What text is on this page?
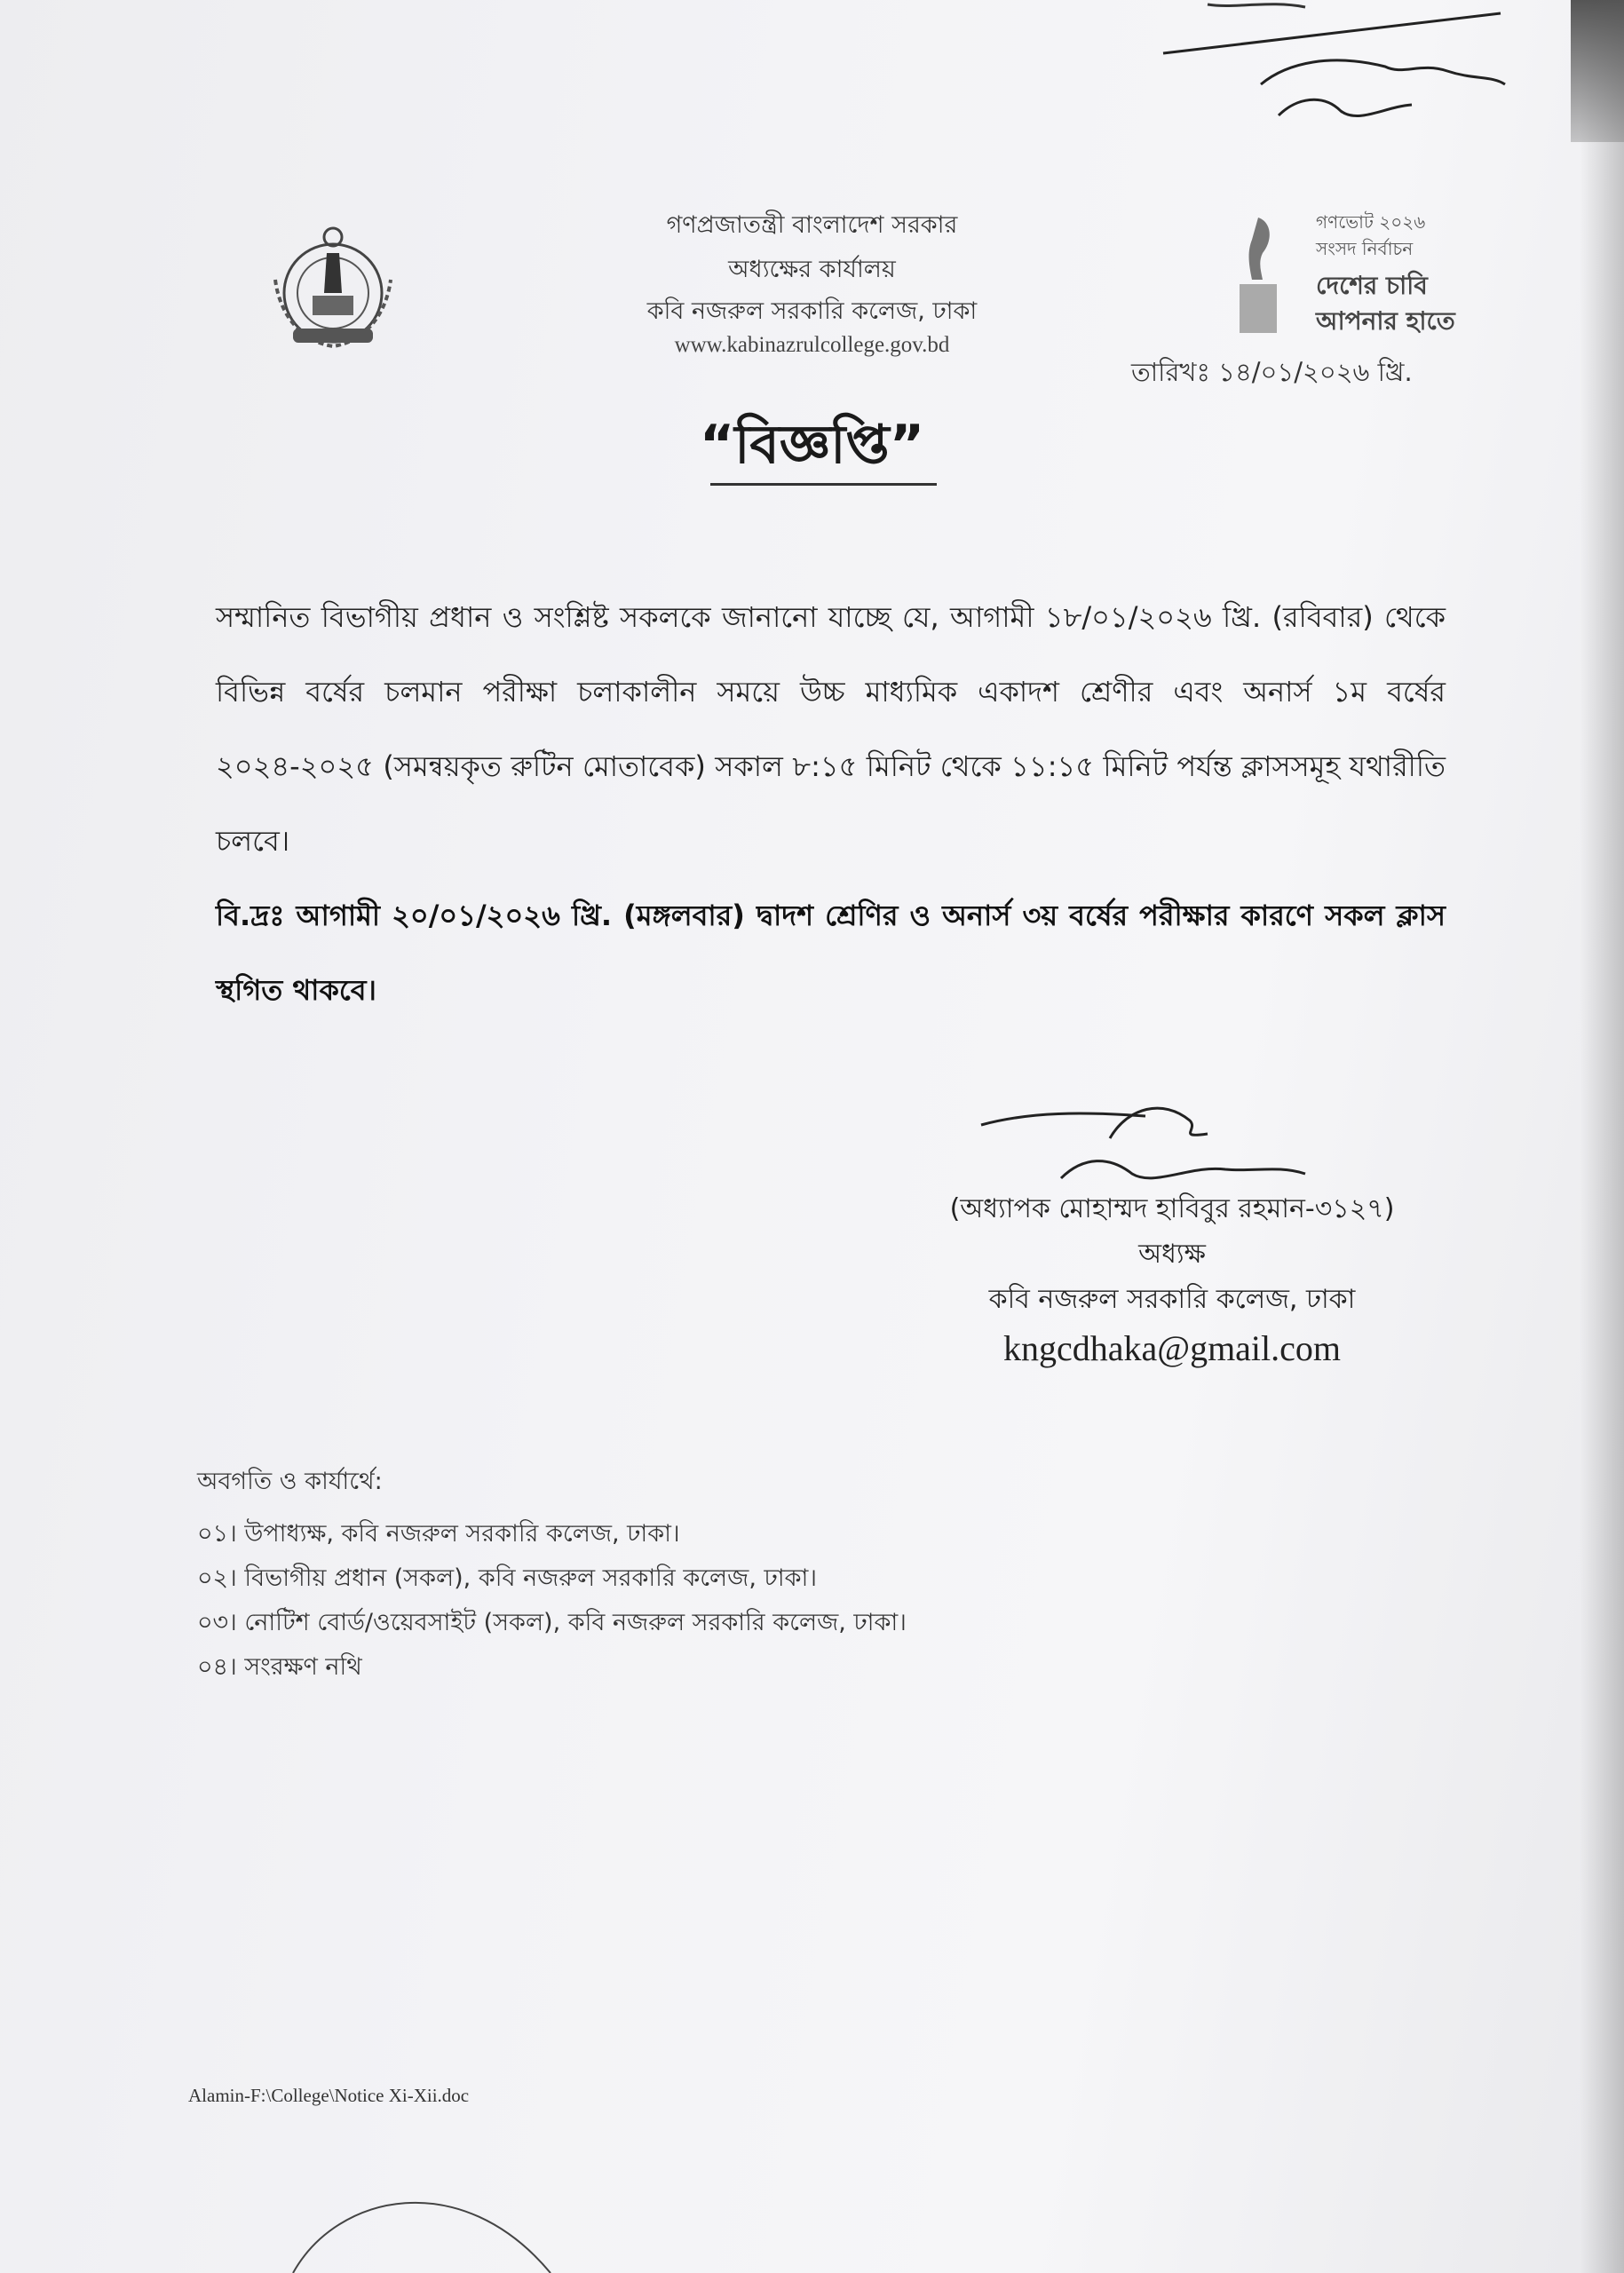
গণপ্রজাতন্ত্রী বাংলাদেশ সরকার
অধ্যক্ষের কার্যালয়
কবি নজরুল সরকারি কলেজ, ঢাকা
www.kabinazrulcollege.gov.bd
গণভোট ২০২৬
সংসদ নির্বাচন
দেশের চাবি
আপনার হাতে
তারিখঃ ১৪/০১/২০২৬ খ্রি.
“বিজ্ঞপ্তি”

সম্মানিত বিভাগীয় প্রধান ও সংশ্লিষ্ট সকলকে জানানো যাচ্ছে যে, আগামী ১৮/০১/২০২৬ খ্রি. (রবিবার) থেকে বিভিন্ন বর্ষের চলমান পরীক্ষা চলাকালীন সময়ে উচ্চ মাধ্যমিক একাদশ শ্রেণীর এবং অনার্স ১ম বর্ষের ২০২৪-২০২৫ (সমন্বয়কৃত রুটিন মোতাবেক) সকাল ৮:১৫ মিনিট থেকে ১১:১৫ মিনিট পর্যন্ত ক্লাসসমূহ যথারীতি চলবে।

বি.দ্রঃ আগামী ২০/০১/২০২৬ খ্রি. (মঙ্গলবার) দ্বাদশ শ্রেণির ও অনার্স ৩য় বর্ষের পরীক্ষার কারণে সকল ক্লাস স্থগিত থাকবে।

(অধ্যাপক মোহাম্মদ হাবিবুর রহমান-৩১২৭)
অধ্যক্ষ
কবি নজরুল সরকারি কলেজ, ঢাকা
kngcdhaka@gmail.com
অবগতি ও কার্যার্থে:
০১। উপাধ্যক্ষ, কবি নজরুল সরকারি কলেজ, ঢাকা।
০২। বিভাগীয় প্রধান (সকল), কবি নজরুল সরকারি কলেজ, ঢাকা।
০৩। নোটিশ বোর্ড/ওয়েবসাইট (সকল), কবি নজরুল সরকারি কলেজ, ঢাকা।
০৪। সংরক্ষণ নথি
Alamin-F:\College\Notice Xi-Xii.doc
